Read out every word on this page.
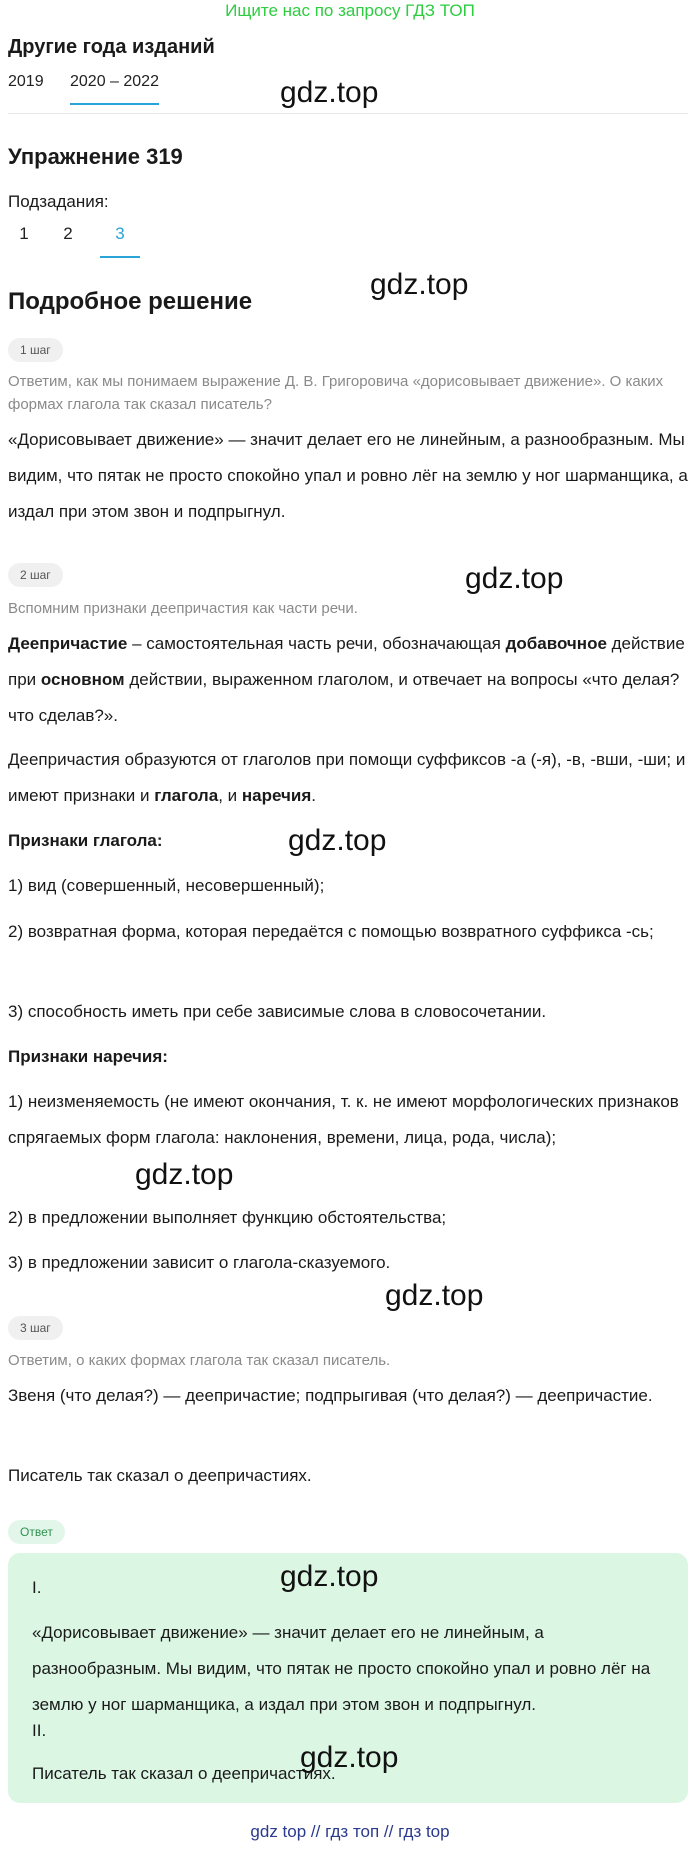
Ищите нас по запросу ГДЗ ТОП
Другие года изданий
2019 2020 – 2022
Упражнение 319
Подзадания:
1	2	3
Подробное решение
1 шаг
Ответим, как мы понимаем выражение Д. В. Григоровича «дорисовывает движение». О каких формах глагола так сказал писатель?
«Дорисовывает движение» — значит делает его не линейным, а разнообразным. Мы видим, что пятак не просто спокойно упал и ровно лёг на землю у ног шарманщика, а издал при этом звон и подпрыгнул.
2 шаг
Вспомним признаки деепричастия как части речи.
Деепричастие – самостоятельная часть речи, обозначающая добавочное действие при основном действии, выраженном глаголом, и отвечает на вопросы «что делая? что сделав?».
Деепричастия образуются от глаголов при помощи суффиксов -а (-я), -в, -вши, -ши; и имеют признаки и глагола, и наречия.
Признаки глагола:
1) вид (совершенный, несовершенный);
2) возвратная форма, которая передаётся с помощью возвратного суффикса -сь;
3) способность иметь при себе зависимые слова в словосочетании.
Признаки наречия:
1) неизменяемость (не имеют окончания, т. к. не имеют морфологических признаков спрягаемых форм глагола: наклонения, времени, лица, рода, числа);
2) в предложении выполняет функцию обстоятельства;
3) в предложении зависит о глагола-сказуемого.
3 шаг
Ответим, о каких формах глагола так сказал писатель.
Звеня (что делая?) — деепричастие; подпрыгивая (что делая?) — деепричастие.
Писатель так сказал о деепричастиях.
Ответ
I.
«Дорисовывает движение» — значит делает его не линейным, а разнообразным. Мы видим, что пятак не просто спокойно упал и ровно лёг на землю у ног шарманщика, а издал при этом звон и подпрыгнул.
II.
Писатель так сказал о деепричастиях.
gdz.top
gdz.top
gdz.top
gdz.top
gdz.top
gdz.top
gdz.top
gdz.top
gdz top // гдз топ // гдз top
